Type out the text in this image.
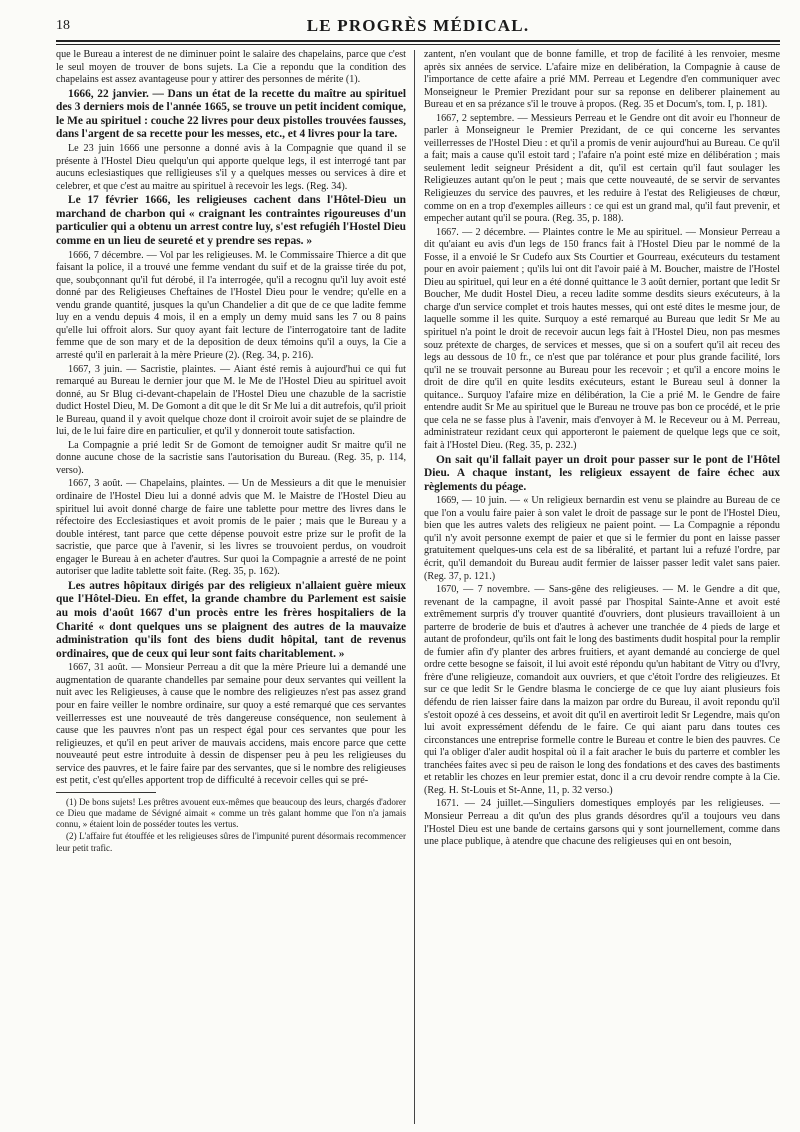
18	LE PROGRÈS MÉDICAL.

que le Bureau a interest de ne diminuer point le salaire des chapelains, parce que c'est le seul moyen de trouver de bons sujets. La Cie a repondu que la condition des chapelains est assez avantageuse pour y attirer des personnes de mérite (1).

1666, 22 janvier. — Dans un état de la recette du maître au spirituel des 3 derniers mois de l'année 1665, se trouve un petit incident comique, le Me au spirituel : couche 22 livres pour deux pistolles trouvées fausses, dans l'argent de sa recette pour les messes, etc., et 4 livres pour la tare.

Le 23 juin 1666 une personne a donné avis à la Compagnie que quand il se présente à l'Hostel Dieu quelqu'un qui apporte quelque legs, il est interrogé tant par aucuns eclesiastiques que relligieuses s'il y a quelques messes ou services à dire et celebrer, et que c'est au maitre au spirituel à recevoir les legs. (Reg. 34).

Le 17 février 1666, les religieuses cachent dans l'Hôtel-Dieu un marchand de charbon qui « craignant les contraintes rigoureuses d'un particulier qui a obtenu un arrest contre luy, s'est refugiéh l'Hostel Dieu comme en un lieu de seureté et y prendre ses repas. »

1666, 7 décembre. — Vol par les religieuses. M. le Commissaire Thierce a dit que faisant la police, il a trouvé une femme vendant du suif et de la graisse tirée du pot, que, soubçonnant qu'il fut dérobé, il l'a interrogée, qu'il a recognu qu'il luy avoit esté donné par des Religieuses Cheftaines de l'Hostel Dieu pour le vendre; qu'elle en a vendu grande quantité, jusques la qu'un Chandelier a dit que de ce que ladite femme luy en a vendu depuis 4 mois, il en a emply un demy muid sans les 7 ou 8 pains qu'elle lui offroit alors. Sur quoy ayant fait lecture de l'interrogatoire tant de ladite femme que de son mary et de la deposition de deux témoins qu'il a ouys, la Cie a arresté qu'il en parlerait à la mère Prieure (2). (Reg. 34, p. 216).

1667, 3 juin. — Sacristie, plaintes. — Aiant ésté remis à aujourd'hui ce qui fut remarqué au Bureau le dernier jour que M. le Me de l'Hostel Dieu au spirituel avoit donné, au Sr Blug ci-devant-chapelain de l'Hostel Dieu une chazuble de la sacristie dudict Hostel Dieu, M. De Gomont a dit que le dit Sr Me lui a dit autrefois, qu'il prioit le Bureau, quand il y avoit quelque choze dont il croiroit avoir sujet de se plaindre de lui, de le lui faire dire en particulier, et qu'il y donneroit toute satisfaction.

La Compagnie a prié ledit Sr de Gomont de temoigner audit Sr maitre qu'il ne donne aucune chose de la sacristie sans l'autorisation du Bureau. (Reg. 35, p. 114, verso).

1667, 3 août. — Chapelains, plaintes. — Un de Messieurs a dit que le menuisier ordinaire de l'Hostel Dieu lui a donné advis que M. le Maistre de l'Hostel Dieu au spirituel lui avoit donné charge de faire une tablette pour mettre des livres dans le réfectoire des Ecclesiastiques et avoit promis de le paier ; mais que le Bureau y a double intérest, tant parce que cette dépense pouvoit estre prize sur le profit de la sacristie, que parce que à l'avenir, si les livres se trouvoient perdus, on voudroit engager le Bureau à en acheter d'autres. Sur quoi la Compagnie a arresté de ne point autoriser que ladite tablette soit faite. (Reg. 35, p. 162).

Les autres hôpitaux dirigés par des religieux n'allaient guère mieux que l'Hôtel-Dieu. En effet, la grande chambre du Parlement est saisie au mois d'août 1667 d'un procès entre les frères hospitaliers de la Charité « dont quelques uns se plaignent des autres de la mauvaize administration qu'ils font des biens dudit hôpital, tant de revenus ordinaires, que de ceux qui leur sont faits charitablement. »

1667, 31 août. — Monsieur Perreau a dit que la mère Prieure lui a demandé une augmentation de quarante chandelles par semaine pour deux servantes qui veillent la nuit avec les Religieuses, à cause que le nombre des religieuzes n'est pas assez grand pour en faire veiller le nombre ordinaire, sur quoy a esté remarqué que ces servantes veillerresses est une nouveauté de très dangereuse conséquence, non seulement à cause que les pauvres n'ont pas un respect égal pour ces servantes que pour les religieuzes, et qu'il en peut ariver de mauvais accidens, mais encore parce que cette nouveauté peut estre introduite à dessin de dispenser peu à peu les religieuses du service des pauvres, et le faire faire par des servantes, que si le nombre des religieuses est petit, c'est qu'elles apportent trop de difficulté à recevoir celles qui se pré-

(1) De bons sujets! Les prêtres avouent eux-mêmes que beaucoup des leurs, chargés d'adorer ce Dieu que madame de Sévigné aimait « comme un très galant homme que l'on n'a jamais connu, » étaient loin de posséder toutes les vertus.

(2) L'affaire fut étouffée et les religieuses sûres de l'impunité purent désormais recommencer leur petit trafic.

zantent, n'en voulant que de bonne famille, et trop de facilité à les renvoier, mesme après six années de service. L'afaire mize en delibération, la Compagnie à cause de l'importance de cette afaire a prié MM. Perreau et Legendre d'en communiquer avec Monseigneur le Premier Prezidant pour sur sa reponse en deliberer plainement au Bureau et en sa prézance s'il le trouve à propos. (Reg. 35 et Docum's, tom. I, p. 181).

1667, 2 septembre. — Messieurs Perreau et le Gendre ont dit avoir eu l'honneur de parler à Monseigneur le Premier Prezidant, de ce qui concerne les servantes veillerresses de l'Hostel Dieu : et qu'il a promis de venir aujourd'hui au Bureau. Ce qu'il a fait; mais a cause qu'il estoit tard ; l'afaire n'a point esté mize en délibération ; mais seulement ledit seigneur Président a dit, qu'il est certain qu'il faut soulager les Religieuzes autant qu'on le peut ; mais que cette nouveauté, de se servir de servantes Religieuzes du service des pauvres, et les reduire à l'estat des Religieuses de chœur, comme on en a trop d'exemples ailleurs : ce qui est un grand mal, qu'il faut prevenir, et empecher autant qu'il se poura. (Reg. 35, p. 188).

1667. — 2 décembre. — Plaintes contre le Me au spirituel. — Monsieur Perreau a dit qu'aiant eu avis d'un legs de 150 francs fait à l'Hostel Dieu par le nommé de la Fosse, il a envoié le Sr Cudefo aux Sts Courtier et Gourreau, exécuteurs du testament pour en avoir paiement ; qu'ils lui ont dit l'avoir paié à M. Boucher, maistre de l'Hostel Dieu au spirituel, qui leur en a été donné quittance le 3 août dernier, portant que ledit Sr Boucher, Me dudit Hostel Dieu, a receu ladite somme desdits sieurs exécuteurs, à la charge d'un service complet et trois hautes messes, qui ont esté dites le mesme jour, de laquelle somme il les quite. Surquoy a esté remarqué au Bureau que ledit Sr Me au spirituel n'a point le droit de recevoir aucun legs fait à l'Hostel Dieu, non pas mesmes souz prétexte de charges, de services et messes, que si on a soufert qu'il ait receu des legs au dessous de 10 fr., ce n'est que par tolérance et pour plus grande facilité, lors qu'il ne se trouvait personne au Bureau pour les recevoir ; et qu'il a encore moins le droit de dire qu'il en quite lesdits exécuteurs, estant le Bureau seul à donner la quitance.. Surquoy l'afaire mize en délibération, la Cie a prié M. le Gendre de faire entendre audit Sr Me au spirituel que le Bureau ne trouve pas bon ce procédé, et le prie que cela ne se fasse plus à l'avenir, mais d'envoyer à M. le Receveur ou à M. Perreau, administrateur rezidant ceux qui apporteront le paiement de quelque legs que ce soit, fait à l'Hostel Dieu. (Reg. 35, p. 232.)

On sait qu'il fallait payer un droit pour passer sur le pont de l'Hôtel Dieu. A chaque instant, les religieux essayent de faire échec aux règlements du péage.

1669, — 10 juin. — « Un religieux bernardin est venu se plaindre au Bureau de ce que l'on a voulu faire paier à son valet le droit de passage sur le pont de l'Hostel Dieu, bien que les autres valets des religieux ne paient point. — La Compagnie a répondu qu'il n'y avoit personne exempt de paier et que si le fermier du pont en laisse passer gratuitement quelques-uns cela est de sa libéralité, et partant lui a refuzé l'ordre, par écrit, qu'il demandoit du Bureau audit fermier de laisser passer ledit valet sans paier. (Reg. 37, p. 121.)

1670, — 7 novembre. — Sans-gêne des religieuses. — M. le Gendre a dit que, revenant de la campagne, il avoit passé par l'hospital Sainte-Anne et avoit esté extrêmement surpris d'y trouver quantité d'ouvriers, dont plusieurs travailloient à un parterre de broderie de buis et d'autres à achever une tranchée de 4 pieds de large et autant de profondeur, qu'ils ont fait le long des bastiments dudit hospital pour la remplir de fumier afin d'y planter des arbres fruitiers, et ayant demandé au concierge de quel ordre cette besogne se faisoit, il lui avoit esté répondu qu'un habitant de Vitry ou d'Ivry, frère d'une religieuze, comandoit aux ouvriers, et que c'étoit l'ordre des religieuzes. Et sur ce que ledit Sr le Gendre blasma le concierge de ce que luy aiant plusieurs fois défendu de rien laisser faire dans la maizon par ordre du Bureau, il avoit repondu qu'il s'estoit opozé à ces desseins, et avoit dit qu'il en avertiroit ledit Sr Legendre, mais qu'on lui avoit expressément défendu de le faire. Ce qui aiant paru dans toutes ces circonstances une entreprise formelle contre le Bureau et contre le bien des pauvres. Ce qui l'a obliger d'aler audit hospital où il a fait aracher le buis du parterre et combler les tranchées faites avec si peu de raison le long des fondations et des caves des bastiments et retablir les chozes en leur premier estat, donc il a cru devoir rendre compte à la Cie. (Reg. H. St-Louis et St-Anne, 11, p. 32 verso.)

1671. — 24 juillet.—Singuliers domestiques employés par les religieuses. — Monsieur Perreau a dit qu'un des plus grands désordres qu'il a toujours veu dans l'Hostel Dieu est une bande de certains garsons qui y sont journellement, comme dans une place publique, à atendre que chacune des religieuses qui en ont besoin,
